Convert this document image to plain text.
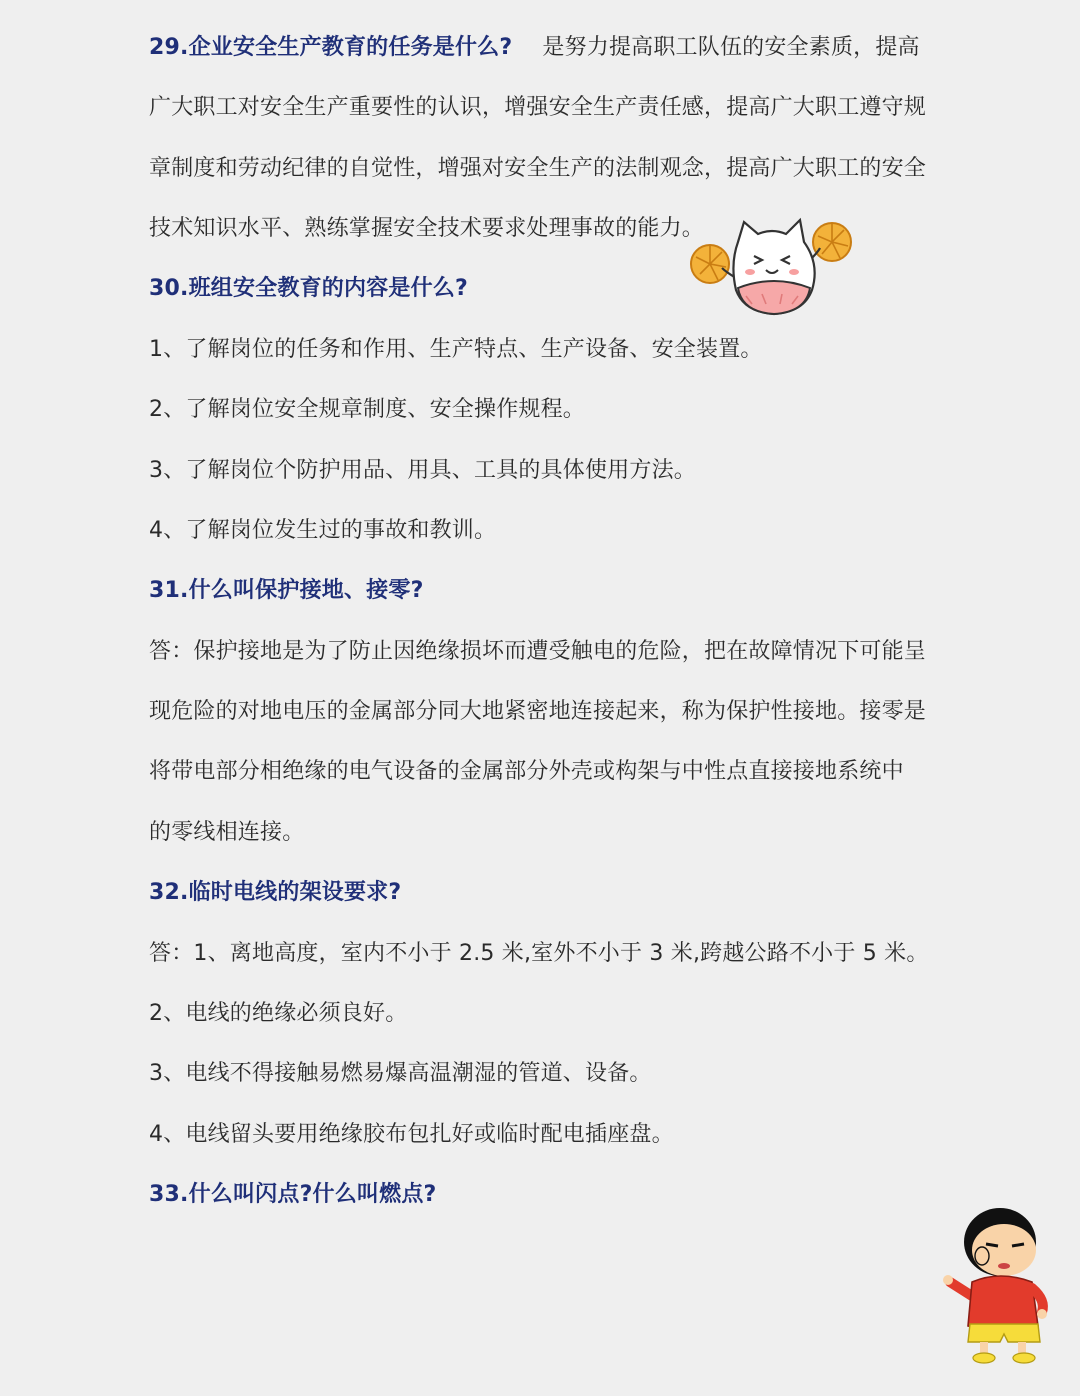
29.企业安全生产教育的任务是什么? 是努力提高职工队伍的安全素质，提高
广大职工对安全生产重要性的认识，增强安全生产责任感，提高广大职工遵守规
章制度和劳动纪律的自觉性，增强对安全生产的法制观念，提高广大职工的安全
技术知识水平、熟练掌握安全技术要求处理事故的能力。
30.班组安全教育的内容是什么?
1、了解岗位的任务和作用、生产特点、生产设备、安全装置。
2、了解岗位安全规章制度、安全操作规程。
3、了解岗位个防护用品、用具、工具的具体使用方法。
4、了解岗位发生过的事故和教训。
31.什么叫保护接地、接零?
答：保护接地是为了防止因绝缘损坏而遭受触电的危险，把在故障情况下可能呈
现危险的对地电压的金属部分同大地紧密地连接起来，称为保护性接地。接零是
将带电部分相绝缘的电气设备的金属部分外壳或构架与中性点直接接地系统中
的零线相连接。
32.临时电线的架设要求?
答：1、离地高度，室内不小于 2.5 米,室外不小于 3 米,跨越公路不小于 5 米。
2、电线的绝缘必须良好。
3、电线不得接触易燃易爆高温潮湿的管道、设备。
4、电线留头要用绝缘胶布包扎好或临时配电插座盘。
33.什么叫闪点?什么叫燃点?
